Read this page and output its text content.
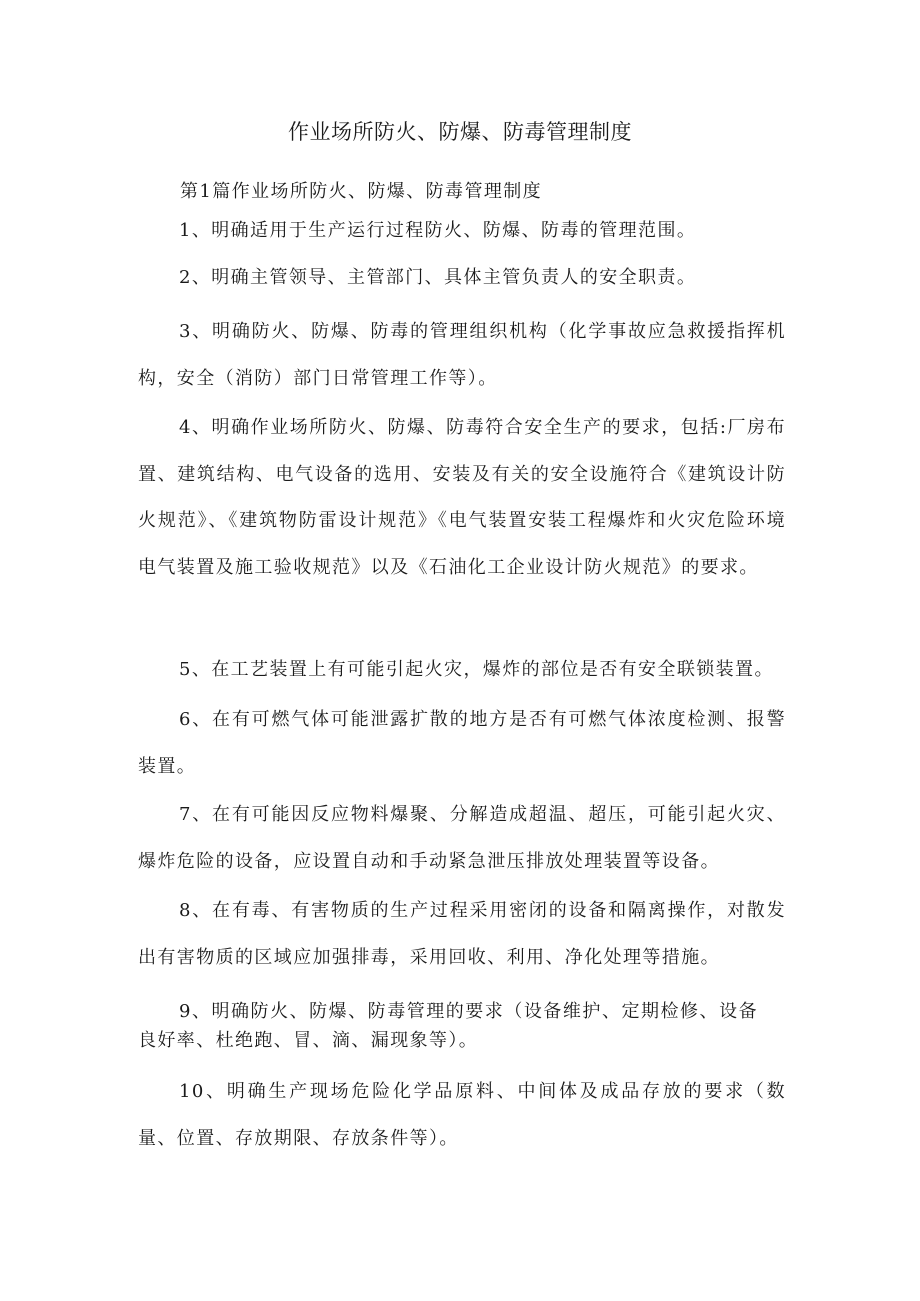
作业场所防火、防爆、防毒管理制度

第1篇作业场所防火、防爆、防毒管理制度

1、明确适用于生产运行过程防火、防爆、防毒的管理范围。

2、明确主管领导、主管部门、具体主管负责人的安全职责。

3、明确防火、防爆、防毒的管理组织机构（化学事故应急救援指挥机构，安全（消防）部门日常管理工作等）。

4、明确作业场所防火、防爆、防毒符合安全生产的要求，包括:厂房布置、建筑结构、电气设备的选用、安装及有关的安全设施符合《建筑设计防火规范》、《建筑物防雷设计规范》《电气装置安装工程爆炸和火灾危险环境电气装置及施工验收规范》以及《石油化工企业设计防火规范》的要求。

5、在工艺装置上有可能引起火灾，爆炸的部位是否有安全联锁装置。

6、在有可燃气体可能泄露扩散的地方是否有可燃气体浓度检测、报警装置。

7、在有可能因反应物料爆聚、分解造成超温、超压，可能引起火灾、爆炸危险的设备，应设置自动和手动紧急泄压排放处理装置等设备。

8、在有毒、有害物质的生产过程采用密闭的设备和隔离操作，对散发出有害物质的区域应加强排毒，采用回收、利用、净化处理等措施。

9、明确防火、防爆、防毒管理的要求（设备维护、定期检修、设备良好率、杜绝跑、冒、滴、漏现象等）。

10、明确生产现场危险化学品原料、中间体及成品存放的要求（数量、位置、存放期限、存放条件等）。
